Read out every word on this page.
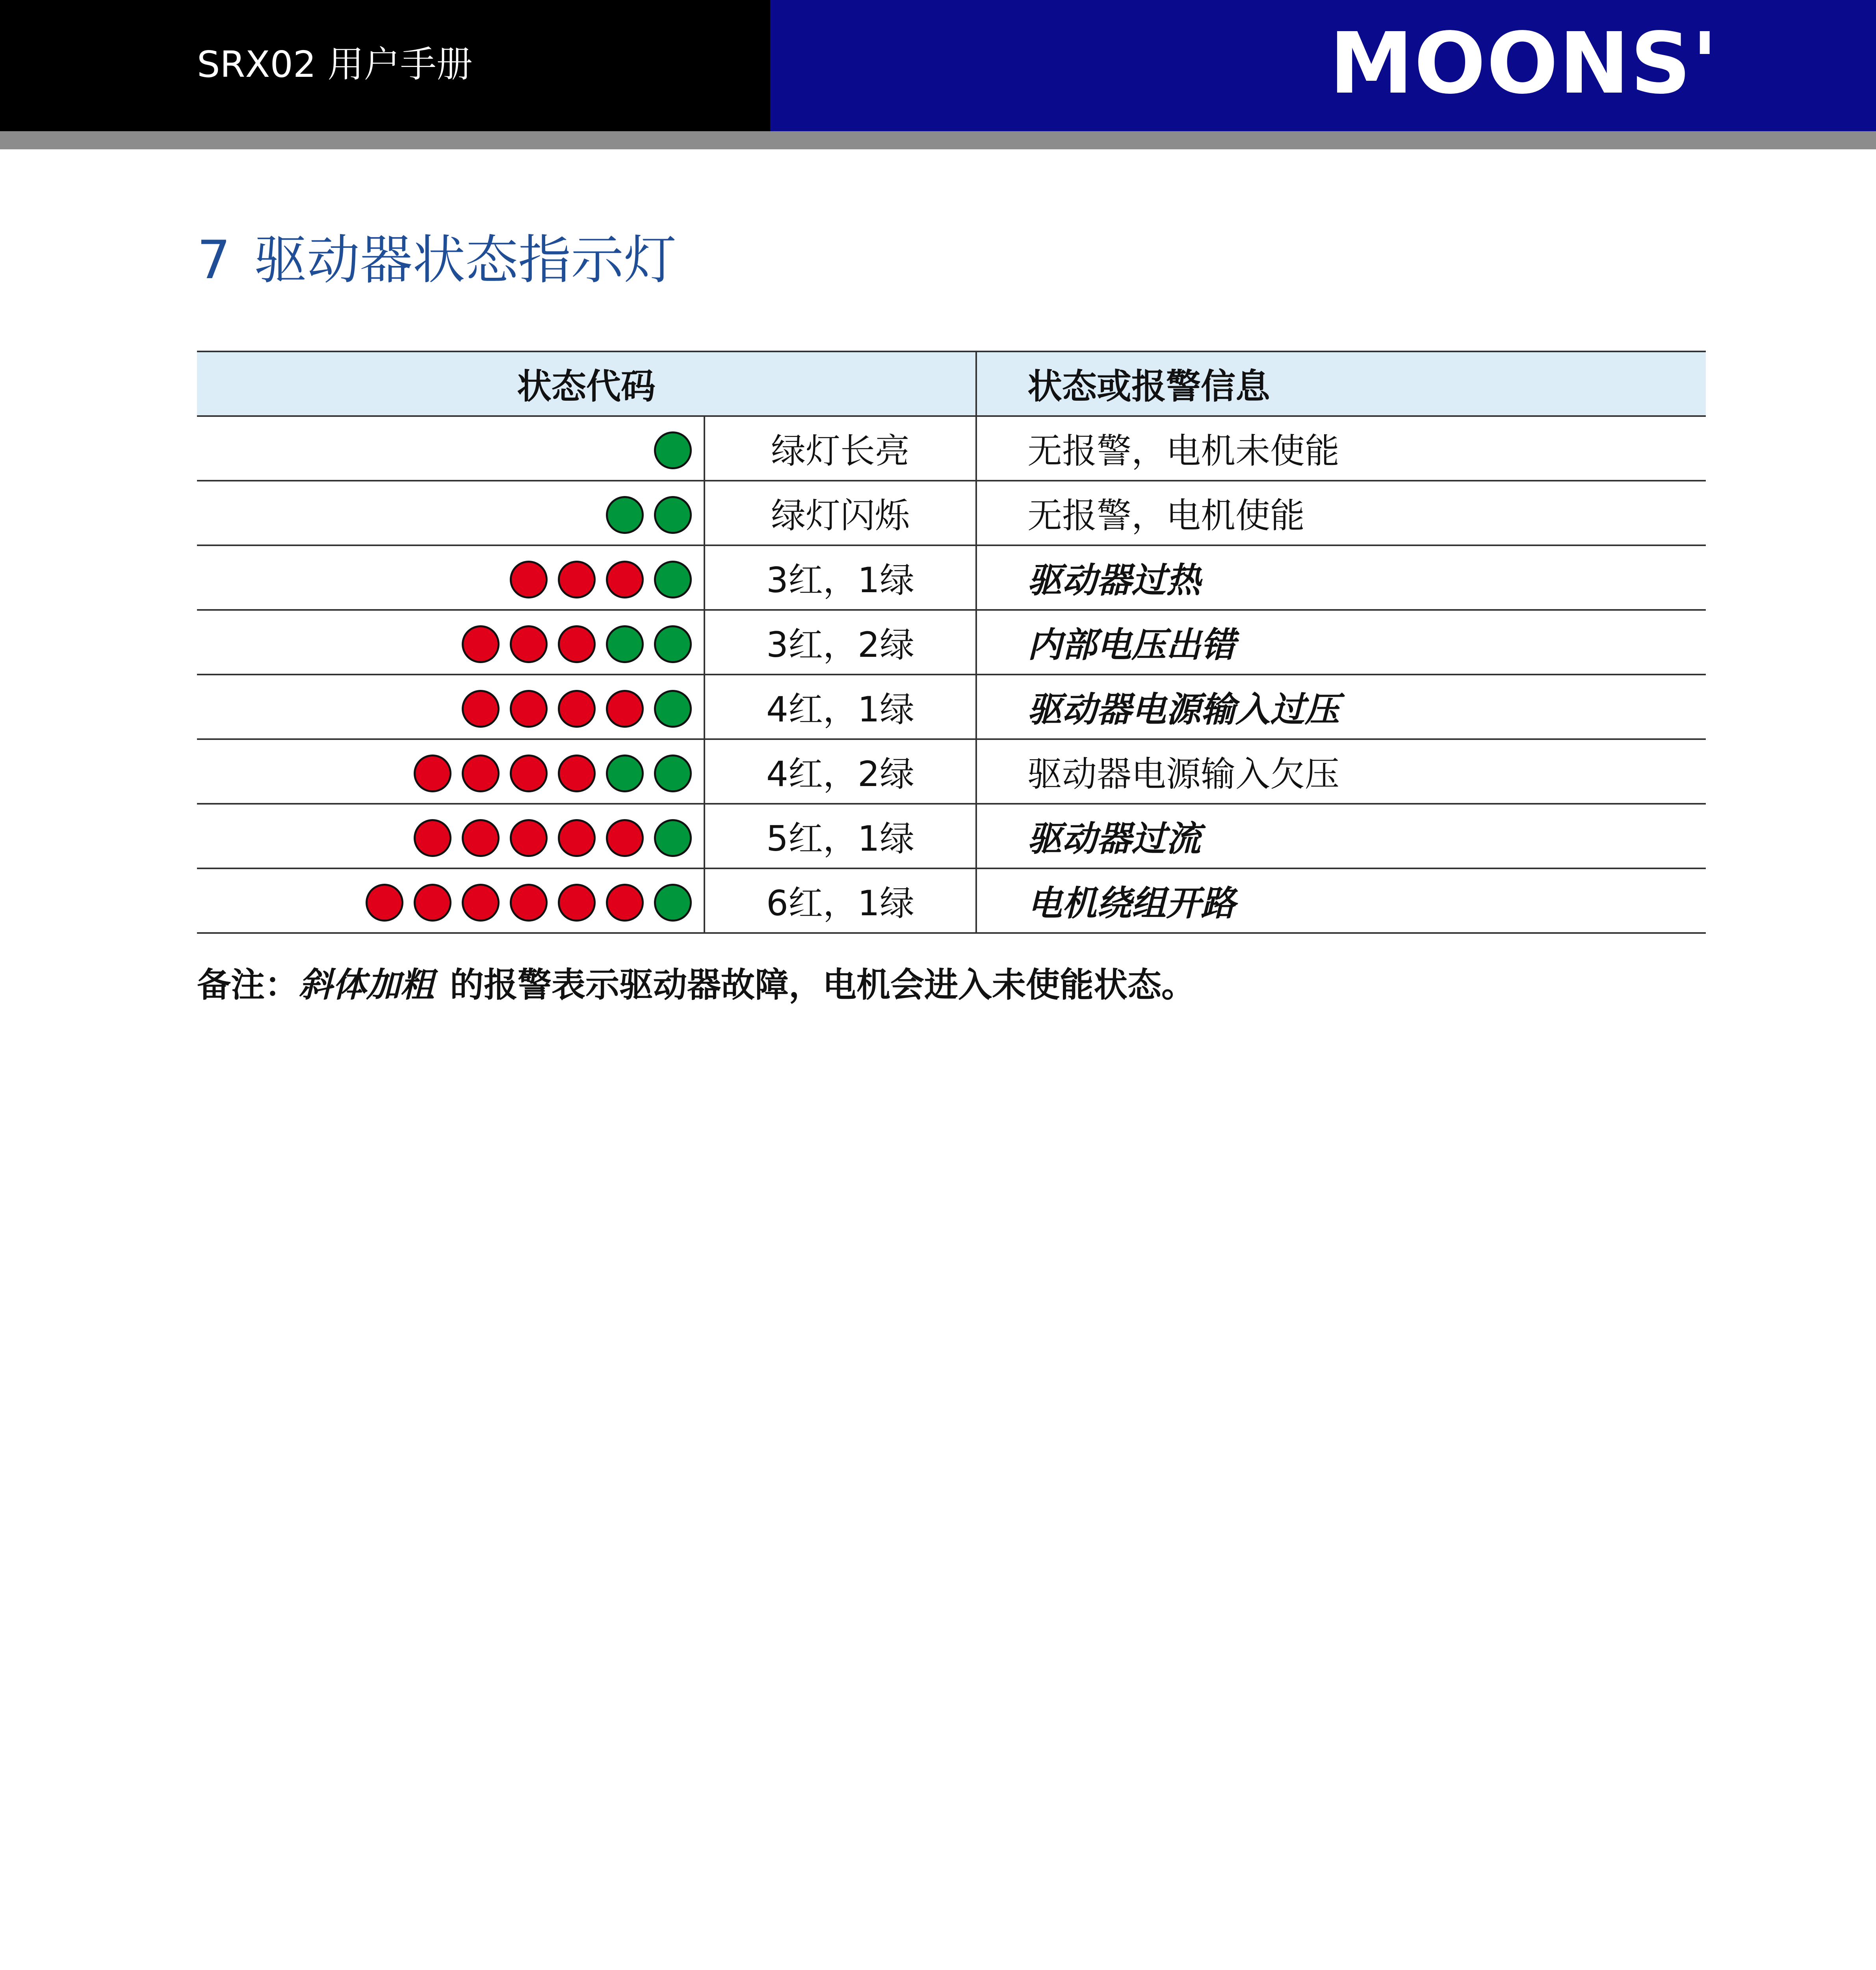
SRX02 用户手册	MOONS'
7 驱动器状态指示灯
状态代码		状态或报警信息
	绿灯长亮	无报警，电机未使能
	绿灯闪烁	无报警，电机使能
	3红，1绿	驱动器过热
	3红，2绿	内部电压出错
	4红，1绿	驱动器电源输入过压
	4红，2绿	驱动器电源输入欠压
	5红，1绿	驱动器过流
	6红，1绿	电机绕组开路
备注：斜体加粗 的报警表示驱动器故障，电机会进入未使能状态。
